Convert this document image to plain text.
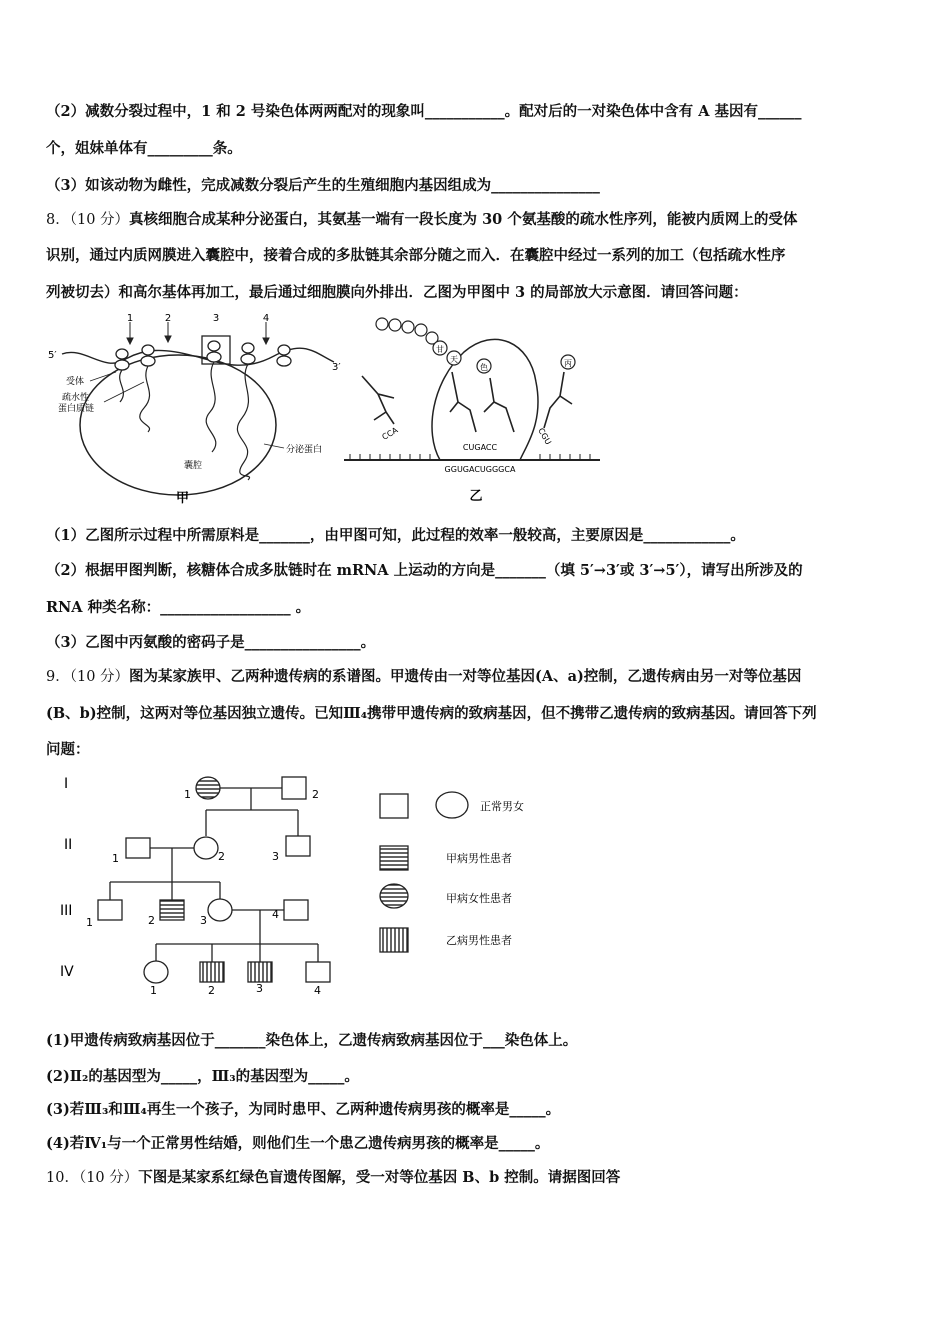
（2）减数分裂过程中，1 和 2 号染色体两两配对的现象叫___________。配对后的一对染色体中含有 A 基因有______
个，姐妹单体有_________条。
（3）如该动物为雌性，完成减数分裂后产生的生殖细胞内基因组成为_______________
8．（10 分）真核细胞合成某种分泌蛋白，其氨基一端有一段长度为 30 个氨基酸的疏水性序列，能被内质网上的受体
识别，通过内质网膜进入囊腔中，接着合成的多肽链其余部分随之而入．在囊腔中经过一系列的加工（包括疏水性序
列被切去）和高尔基体再加工，最后通过细胞膜向外排出．乙图为甲图中 3 的局部放大示意图．请回答问题：
1	2	3	4
5′
3′
受体
疏水性
蛋白质链
分泌蛋白
囊腔
甲
甘
天
色	丙
CCA
CUGACC
CGU
GGUGACUGGGCA
乙
（1）乙图所示过程中所需原料是_______，由甲图可知，此过程的效率一般较高，主要原因是____________。
（2）根据甲图判断，核糖体合成多肽链时在 mRNA 上运动的方向是_______（填 5′→3′或 3′→5′），请写出所涉及的
RNA 种类名称：__________________ 。
（3）乙图中丙氨酸的密码子是________________。
9．（10 分）图为某家族甲、乙两种遗传病的系谱图。甲遗传由一对等位基因(A、a)控制，乙遗传病由另一对等位基因
(B、b)控制，这两对等位基因独立遗传。已知Ⅲ₄携带甲遗传病的致病基因，但不携带乙遗传病的致病基因。请回答下列
问题：
I
II
III
IV
1	2
1	2	3
1	2	3	4
1	2	3	4
正常男女
甲病男性患者
甲病女性患者
乙病男性患者
(1)甲遗传病致病基因位于_______染色体上，乙遗传病致病基因位于___染色体上。
(2)Ⅱ₂的基因型为_____，Ⅲ₃的基因型为_____。
(3)若Ⅲ₃和Ⅲ₄再生一个孩子，为同时患甲、乙两种遗传病男孩的概率是_____。
(4)若Ⅳ₁与一个正常男性结婚，则他们生一个患乙遗传病男孩的概率是_____。
10．（10 分）下图是某家系红绿色盲遗传图解，受一对等位基因 B、b 控制。请据图回答
